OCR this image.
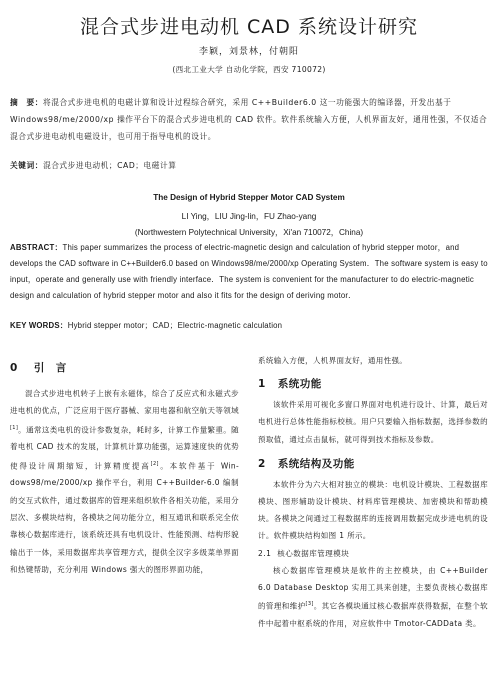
混合式步进电动机 CAD 系统设计研究
李颖，刘景林，付朝阳
(西北工业大学 自动化学院，西安 710072)
摘　要：将混合式步进电机的电磁计算和设计过程综合研究，采用 C++Builder6.0 这一功能强大的编译器，开发出基于 Windows98/me/2000/xp 操作平台下的混合式步进电机的 CAD 软件。软件系统输入方便，人机界面友好，通用性强，不仅适合混合式步进电动机电磁设计，也可用于指导电机的设计。
关键词：混合式步进电动机；CAD；电磁计算
The Design of Hybrid Stepper Motor CAD System
LI Ying，LIU Jing-lin，FU Zhao-yang
(Northwestern Polytechnical University，Xi'an 710072，China)
ABSTRACT：This paper summarizes the process of electric-magnetic design and calculation of hybrid stepper motor，and develops the CAD software in C++Builder6.0 based on Windows98/me/2000/xp Operating System．The software system is easy to input，operate and generally use with friendly interface．The system is convenient for the manufacturer to do electric-magnetic design and calculation of hybrid stepper motor and also it fits for the design of deriving motor．
KEY WORDS：Hybrid stepper motor；CAD；Electric-magnetic calculation
0 引　言

混合式步进电机转子上嵌有永磁体，综合了反应式和永磁式步进电机的优点，广泛应用于医疗器械、家用电器和航空航天等领域[1]。通常这类电机的设计参数复杂，耗时多，计算工作量繁重。随着电机 CAD 技术的发展，计算机计算功能强，运算速度快的优势使得设计周期缩短，计算精度提高[2]。本软件基于 Win- dows98/me/2000/xp 操作平台，利用 C++Builder-6.0 编制的交互式软件，通过数据库的管理来组织软件各相关功能，采用分层次、多模块结构，各模块之间功能分立，相互通讯和联系完全依靠核心数据库进行，该系统还具有电机设计、性能预测、结构形貌输出于一体，采用数据库共享管理方式，提供全汉字多级菜单界面和热键帮助，充分利用 Windows 强大的图形界面功能，

系统输入方便，人机界面友好，通用性强。

1 系统功能

该软件采用可视化多窗口界面对电机进行设计、计算，最后对电机进行总体性能指标校核。用户只要输入指标数据，选择参数的预取值，通过点击鼠标，就可得到技术指标及参数。

2 系统结构及功能

本软件分为六大相对独立的模块：电机设计模块、工程数据库模块、图形辅助设计模块、材料库管理模块、加密模块和帮助模块。各模块之间通过工程数据库的连接调用数据完成步进电机的设计。软件模块结构如图 1 所示。

2.1 核心数据库管理模块

核心数据库管理模块是软件的主控模块，由 C++Builder 6.0 Database Desktop 实用工具来创建，主要负责核心数据库的管理和维护[3]。其它各模块通过核心数据库获得数据，在整个软件中起着中枢系统的作用，对应软件中 Tmotor-CADData 类。
